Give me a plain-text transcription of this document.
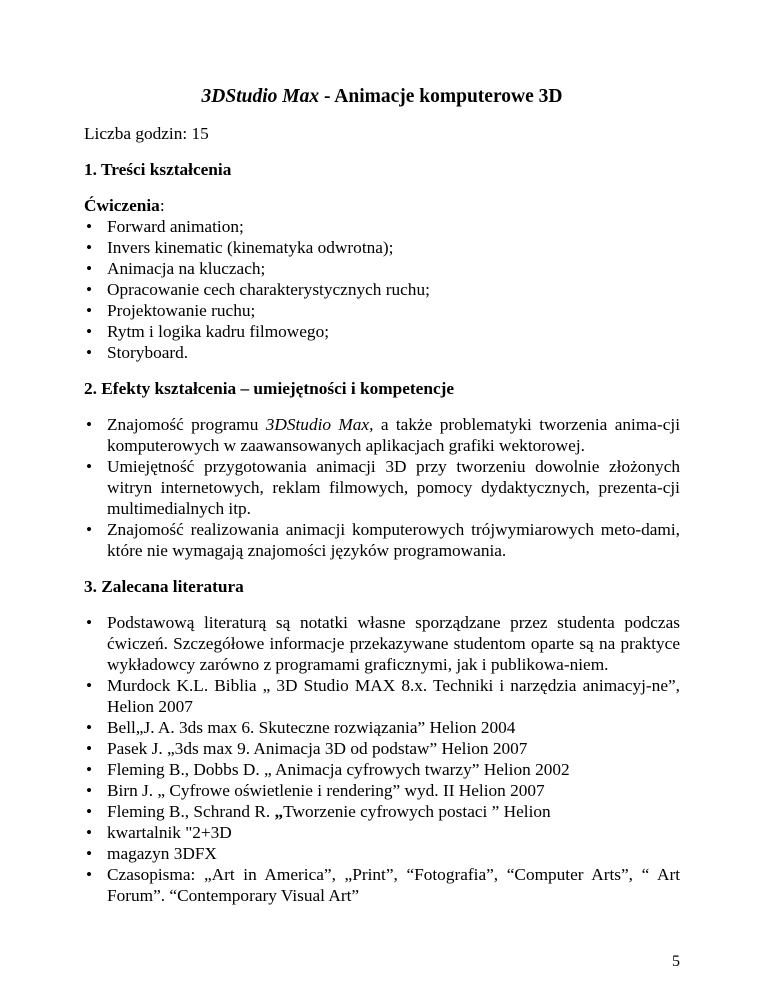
3DStudio Max - Animacje komputerowe 3D
Liczba godzin: 15
1. Treści kształcenia
Ćwiczenia:
• Forward animation;
• Invers kinematic (kinematyka odwrotna);
• Animacja na kluczach;
• Opracowanie cech charakterystycznych ruchu;
• Projektowanie ruchu;
• Rytm i logika kadru filmowego;
• Storyboard.
2. Efekty kształcenia – umiejętności i kompetencje
• Znajomość programu 3DStudio Max, a także problematyki tworzenia anima-cji komputerowych w zaawansowanych aplikacjach grafiki wektorowej.
• Umiejętność przygotowania animacji 3D przy tworzeniu dowolnie złożonych witryn internetowych, reklam filmowych, pomocy dydaktycznych, prezenta-cji multimedialnych itp.
• Znajomość realizowania animacji komputerowych trójwymiarowych meto-dami, które nie wymagają znajomości języków programowania.
3. Zalecana literatura
• Podstawową literaturą są notatki własne sporządzane przez studenta podczas ćwiczeń. Szczegółowe informacje przekazywane studentom oparte są na praktyce wykładowcy zarówno z programami graficznymi, jak i publikowa-niem.
• Murdock K.L. Biblia „ 3D Studio MAX 8.x. Techniki i narzędzia animacyj-ne”, Helion 2007
• Bell„J. A. 3ds max 6. Skuteczne rozwiązania” Helion 2004
• Pasek J. „3ds max 9. Animacja 3D od podstaw” Helion 2007
• Fleming B., Dobbs D. „ Animacja cyfrowych twarzy” Helion 2002
• Birn J. „ Cyfrowe oświetlenie i rendering” wyd. II Helion 2007
• Fleming B., Schrand R. „Tworzenie cyfrowych postaci ” Helion
• kwartalnik "2+3D
• magazyn 3DFX
• Czasopisma: „Art in America”, „Print”, “Fotografia”, “Computer Arts”, “ Art Forum”. “Contemporary Visual Art”
5
